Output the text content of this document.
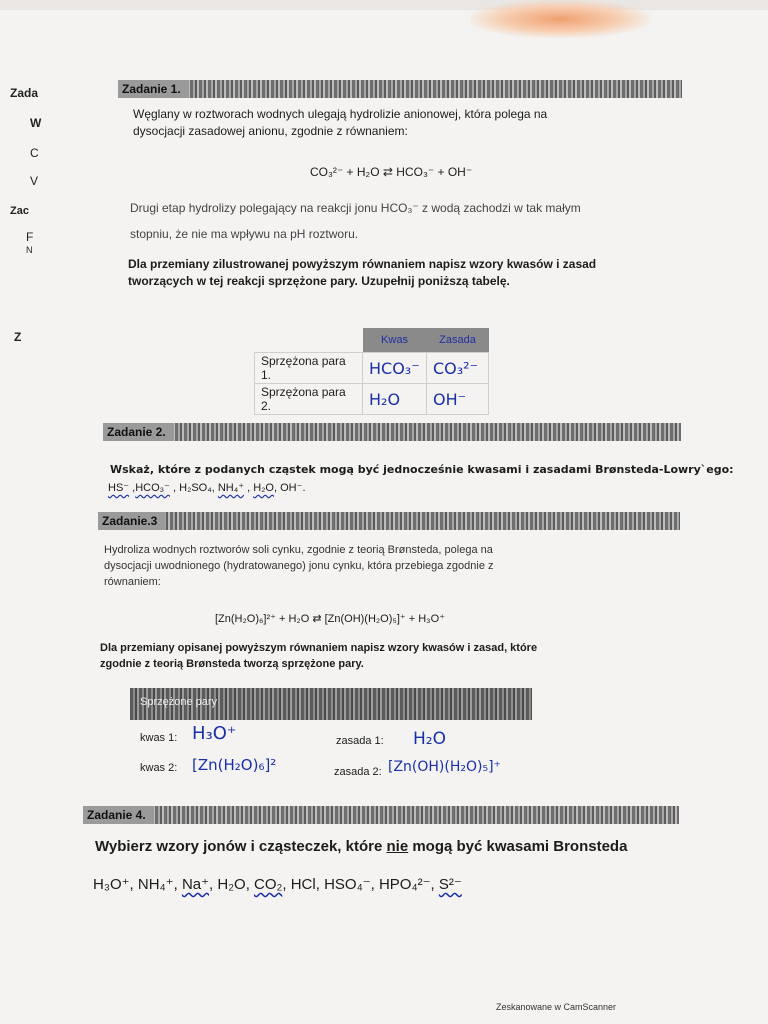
Zada
W
C
V
Zac
F
N
Z
Zadanie 1.
Węglany w roztworach wodnych ulegają hydrolizie anionowej, która polega na
dysocjacji zasadowej anionu, zgodnie z równaniem:
CO₃²⁻ + H₂O ⇄ HCO₃⁻ + OH⁻
Drugi etap hydrolizy polegający na reakcji jonu HCO₃⁻ z wodą zachodzi w tak małym
stopniu, że nie ma wpływu na pH roztworu.
Dla przemiany zilustrowanej powyższym równaniem napisz wzory kwasów i zasad
tworzących w tej reakcji sprzężone pary. Uzupełnij poniższą tabelę.
	Kwas	Zasada
Sprzężona para 1.	HCO₃⁻	CO₃²⁻
Sprzężona para 2.	H₂O	OH⁻
Zadanie 2.
Wskaż, które z podanych cząstek mogą być jednocześnie kwasami i zasadami Brønsteda-Lowry`ego:
HS⁻ ,HCO₃⁻ , H₂SO₄, NH₄⁺ , H₂O, OH⁻.
Zadanie.3
Hydroliza wodnych roztworów soli cynku, zgodnie z teorią Brønsteda, polega na
dysocjacji uwodnionego (hydratowanego) jonu cynku, która przebiega zgodnie z
równaniem:
[Zn(H₂O)₆]²⁺ + H₂O ⇄ [Zn(OH)(H₂O)₅]⁺ + H₃O⁺
Dla przemiany opisanej powyższym równaniem napisz wzory kwasów i zasad, które
zgodnie z teorią Brønsteda tworzą sprzężone pary.
Sprzężone pary
kwas 1: H₃O⁺	zasada 1: H₂O
kwas 2: [Zn(H₂O)₆]²	zasada 2: [Zn(OH)(H₂O)₅]⁺
Zadanie 4.
Wybierz wzory jonów i cząsteczek, które nie mogą być kwasami Bronsteda
H₃O⁺, NH₄⁺, Na⁺, H₂O, CO₂, HCl, HSO₄⁻, HPO₄²⁻, S²⁻
Zeskanowane w CamScanner
